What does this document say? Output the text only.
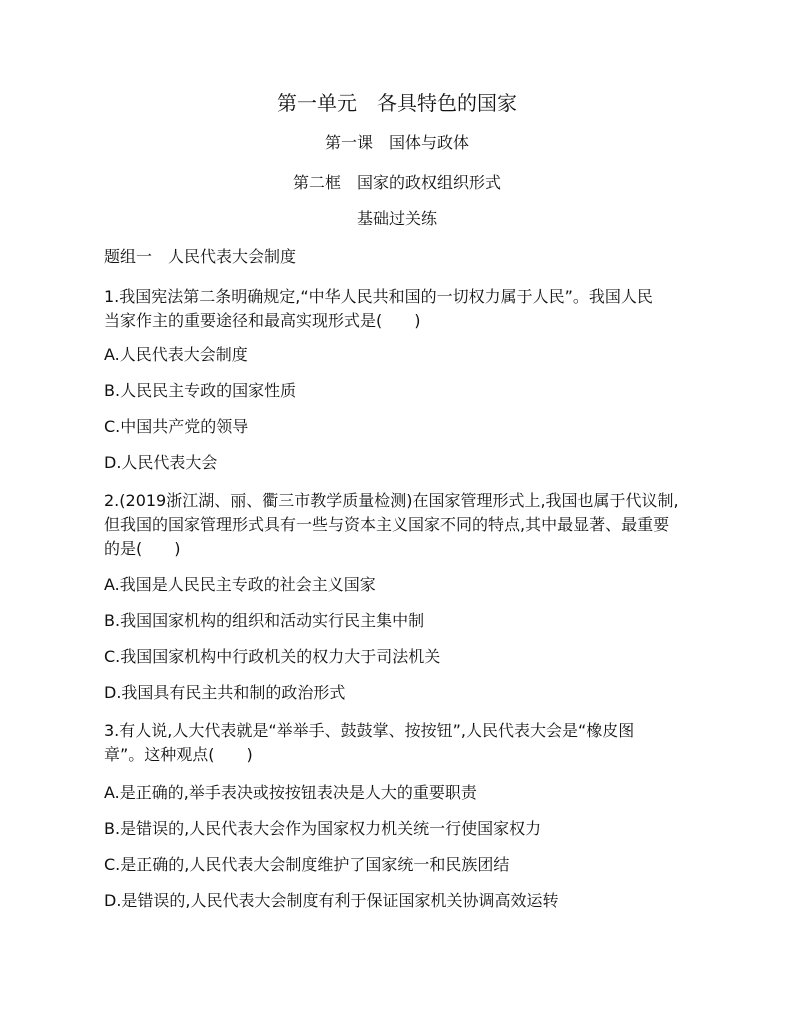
第一单元　各具特色的国家
第一课　国体与政体
第二框　国家的政权组织形式
基础过关练
题组一　人民代表大会制度
1.我国宪法第二条明确规定,“中华人民共和国的一切权力属于人民”。我国人民
当家作主的重要途径和最高实现形式是(　　)
A.人民代表大会制度
B.人民民主专政的国家性质
C.中国共产党的领导
D.人民代表大会
2.(2019浙江湖、丽、衢三市教学质量检测)在国家管理形式上,我国也属于代议制,
但我国的国家管理形式具有一些与资本主义国家不同的特点,其中最显著、最重要
的是(　　)
A.我国是人民民主专政的社会主义国家
B.我国国家机构的组织和活动实行民主集中制
C.我国国家机构中行政机关的权力大于司法机关
D.我国具有民主共和制的政治形式
3.有人说,人大代表就是“举举手、鼓鼓掌、按按钮”,人民代表大会是“橡皮图
章”。这种观点(　　)
A.是正确的,举手表决或按按钮表决是人大的重要职责
B.是错误的,人民代表大会作为国家权力机关统一行使国家权力
C.是正确的,人民代表大会制度维护了国家统一和民族团结
D.是错误的,人民代表大会制度有利于保证国家机关协调高效运转
